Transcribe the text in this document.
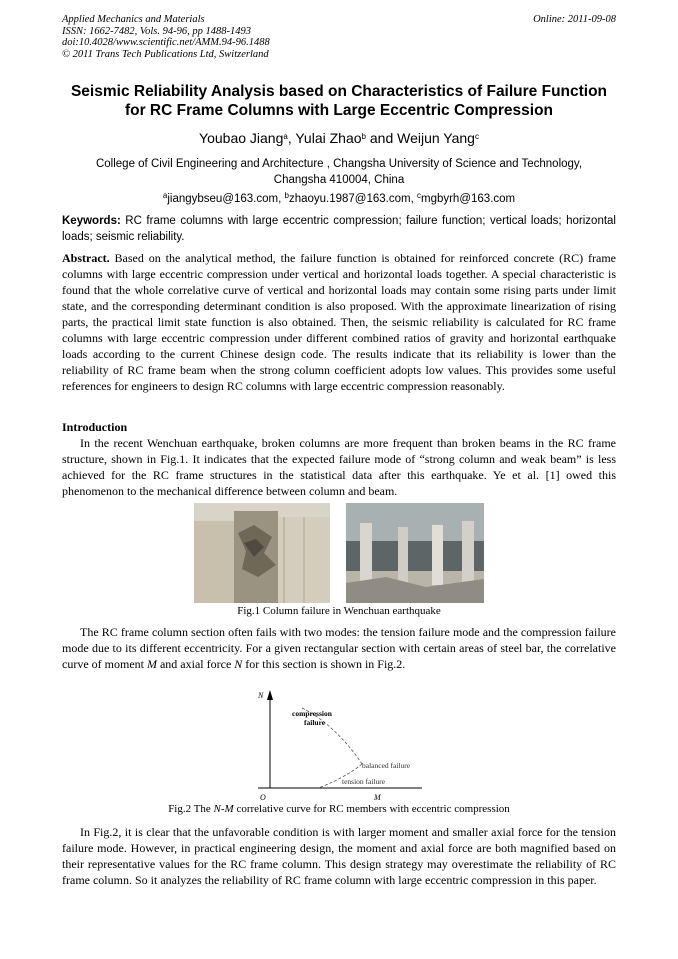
Applied Mechanics and Materials
ISSN: 1662-7482, Vols. 94-96, pp 1488-1493
doi:10.4028/www.scientific.net/AMM.94-96.1488
© 2011 Trans Tech Publications Ltd, Switzerland
Online: 2011-09-08
Seismic Reliability Analysis based on Characteristics of Failure Function
for RC Frame Columns with Large Eccentric Compression
Youbao Jiang$^a$, Yulai Zhao$^b$ and Weijun Yang$^c$
College of Civil Engineering and Architecture , Changsha University of Science and Technology,
Changsha 410004, China
$^a$jiangybseu@163.com, $^b$zhaoyu.1987@163.com, $^c$mgbyrh@163.com
Keywords: RC frame columns with large eccentric compression; failure function; vertical loads; horizontal loads; seismic reliability.
Abstract. Based on the analytical method, the failure function is obtained for reinforced concrete (RC) frame columns with large eccentric compression under vertical and horizontal loads together. A special characteristic is found that the whole correlative curve of vertical and horizontal loads may contain some rising parts under limit state, and the corresponding determinant condition is also proposed. With the approximate linearization of rising parts, the practical limit state function is also obtained. Then, the seismic reliability is calculated for RC frame columns with large eccentric compression under different combined ratios of gravity and horizontal earthquake loads according to the current Chinese design code. The results indicate that its reliability is lower than the reliability of RC frame beam when the strong column coefficient adopts low values. This provides some useful references for engineers to design RC columns with large eccentric compression reasonably.
Introduction
In the recent Wenchuan earthquake, broken columns are more frequent than broken beams in the RC frame structure, shown in Fig.1. It indicates that the expected failure mode of “strong column and weak beam” is less achieved for the RC frame structures in the statistical data after this earthquake. Ye et al. [1] owed this phenomenon to the mechanical difference between column and beam.
Fig.1 Column failure in Wenchuan earthquake
The RC frame column section often fails with two modes: the tension failure mode and the compression failure mode due to its different eccentricity. For a given rectangular section with certain areas of steel bar, the correlative curve of moment M and axial force N for this section is shown in Fig.2.
N
O	M
compression
failure
balanced failure
tension failure
Fig.2 The N-M correlative curve for RC members with eccentric compression
In Fig.2, it is clear that the unfavorable condition is with larger moment and smaller axial force for the tension failure mode. However, in practical engineering design, the moment and axial force are both magnified based on their representative values for the RC frame column. This design strategy may overestimate the reliability of RC frame column. So it analyzes the reliability of RC frame column with large eccentric compression in this paper.
